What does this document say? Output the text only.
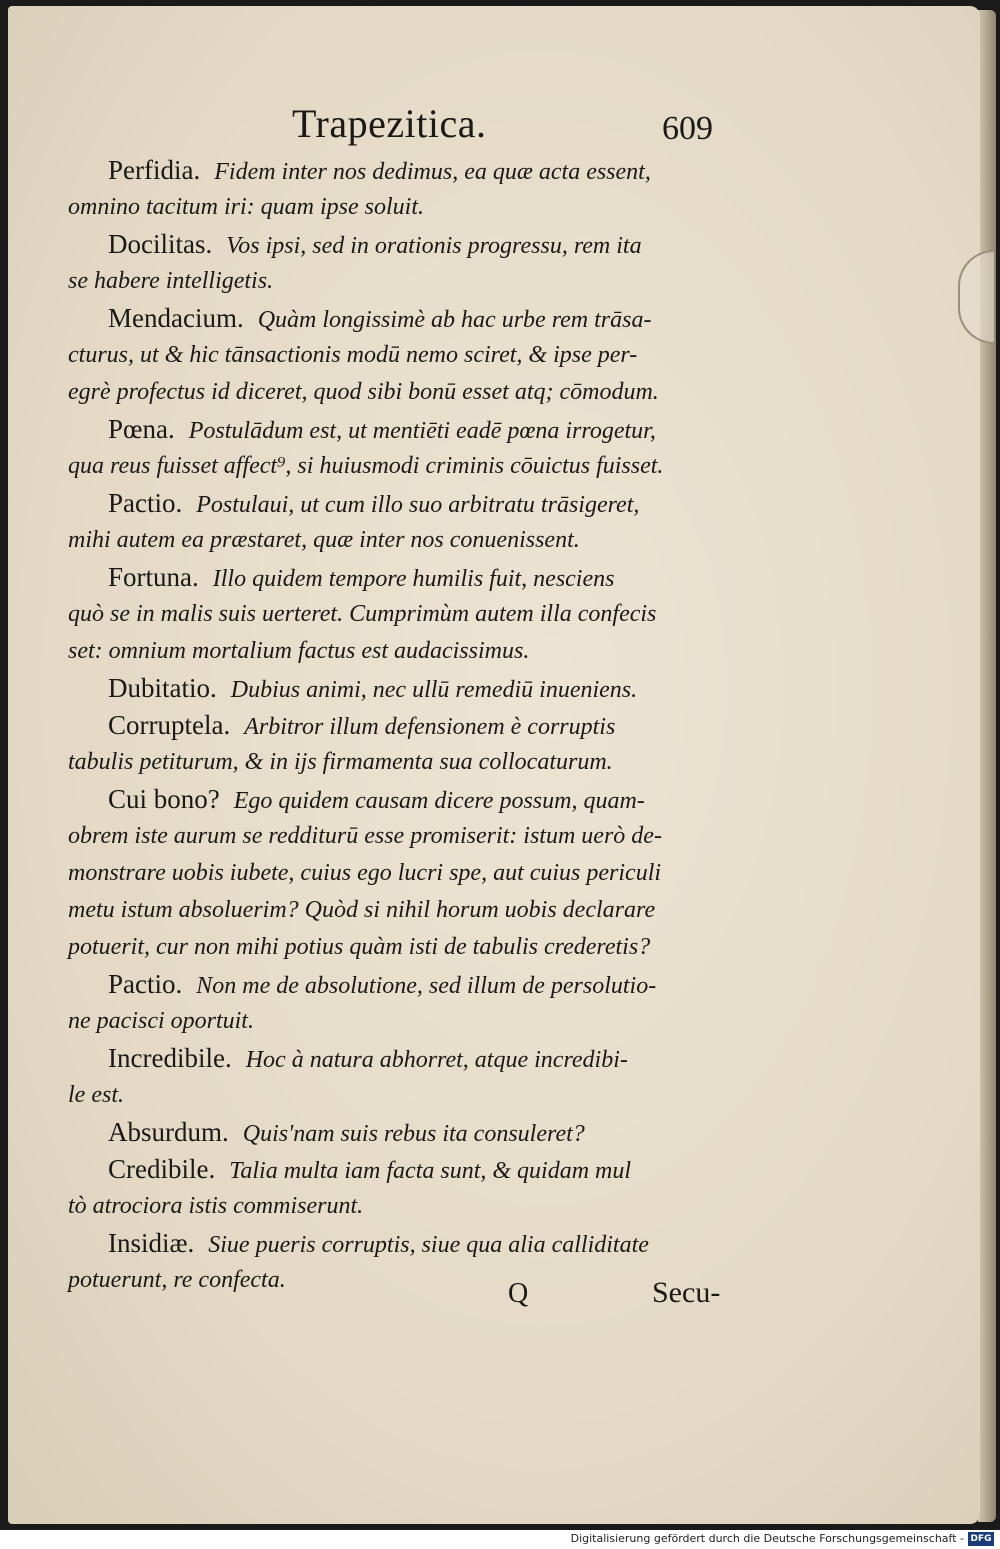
Trapezitica.	609
Perfidia. Fidem inter nos dedimus, ea quæ acta essent,
omnino tacitum iri: quam ipse soluit.
Docilitas. Vos ipsi, sed in orationis progressu, rem ita
se habere intelligetis.
Mendacium. Quàm longissimè ab hac urbe rem trāsa-
cturus, ut & hic tānsactionis modū nemo sciret, & ipse per-
egrè profectus id diceret, quod sibi bonū esset atq; cōmodum.
Pœna. Postulādum est, ut mentiēti eadē pœna irrogetur,
qua reus fuisset affect⁹, si huiusmodi criminis cōuictus fuisset.
Pactio. Postulaui, ut cum illo suo arbitratu trāsigeret,
mihi autem ea præstaret, quæ inter nos conuenissent.
Fortuna. Illo quidem tempore humilis fuit, nesciens
quò se in malis suis uerteret. Cumprimùm autem illa confecis
set: omnium mortalium factus est audacissimus.
Dubitatio. Dubius animi, nec ullū remediū inueniens.
Corruptela. Arbitror illum defensionem è corruptis
tabulis petiturum, & in ijs firmamenta sua collocaturum.
Cui bono? Ego quidem causam dicere possum, quam-
obrem iste aurum se redditurū esse promiserit: istum uerò de-
monstrare uobis iubete, cuius ego lucri spe, aut cuius periculi
metu istum absoluerim? Quòd si nihil horum uobis declarare
potuerit, cur non mihi potius quàm isti de tabulis crederetis?
Pactio. Non me de absolutione, sed illum de persolutio-
ne pacisci oportuit.
Incredibile. Hoc à natura abhorret, atque incredibi-
le est.
Absurdum. Quis'nam suis rebus ita consuleret?
Credibile. Talia multa iam facta sunt, & quidam mul
tò atrociora istis commiserunt.
Insidiæ. Siue pueris corruptis, siue qua alia calliditate
potuerunt, re confecta.	Q	Secu-
Digitalisierung gefördert durch die Deutsche Forschungsgemeinschaft - DFG
